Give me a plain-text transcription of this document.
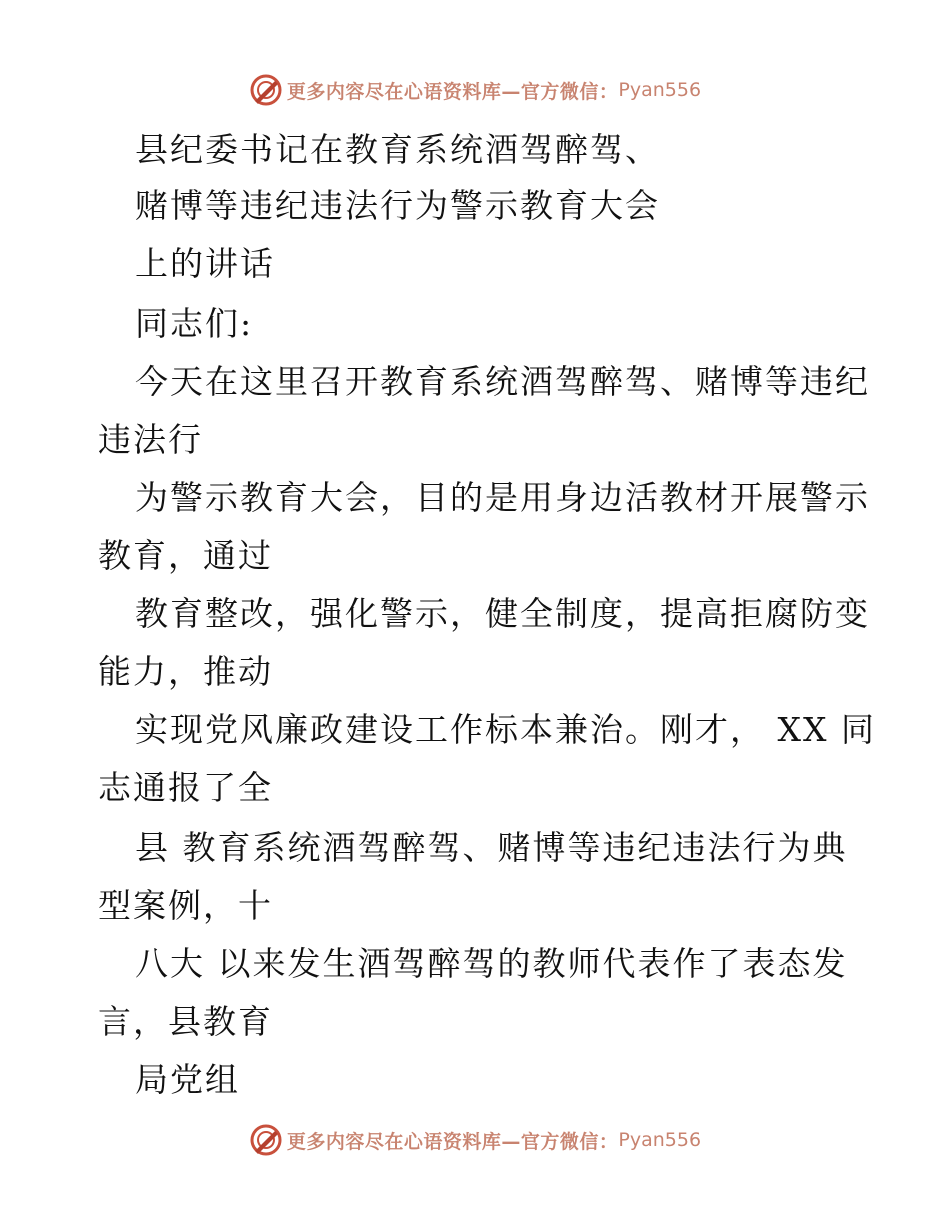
更多内容尽在心语资料库—官方微信： Pyan556
县纪委书记在教育系统酒驾醉驾、
赌博等违纪违法行为警示教育大会
上的讲话
同志们:
今天在这里召开教育系统酒驾醉驾、赌博等违纪
违法行
为警示教育大会，目的是用身边活教材开展警示
教育，通过
教育整改，强化警示，健全制度，提高拒腐防变
能力，推动
实现党风廉政建设工作标本兼治。刚才， XX 同
志通报了全
县 教育系统酒驾醉驾、赌博等违纪违法行为典
型案例，十
八大 以来发生酒驾醉驾的教师代表作了表态发
言，县教育
局党组
更多内容尽在心语资料库—官方微信： Pyan556
